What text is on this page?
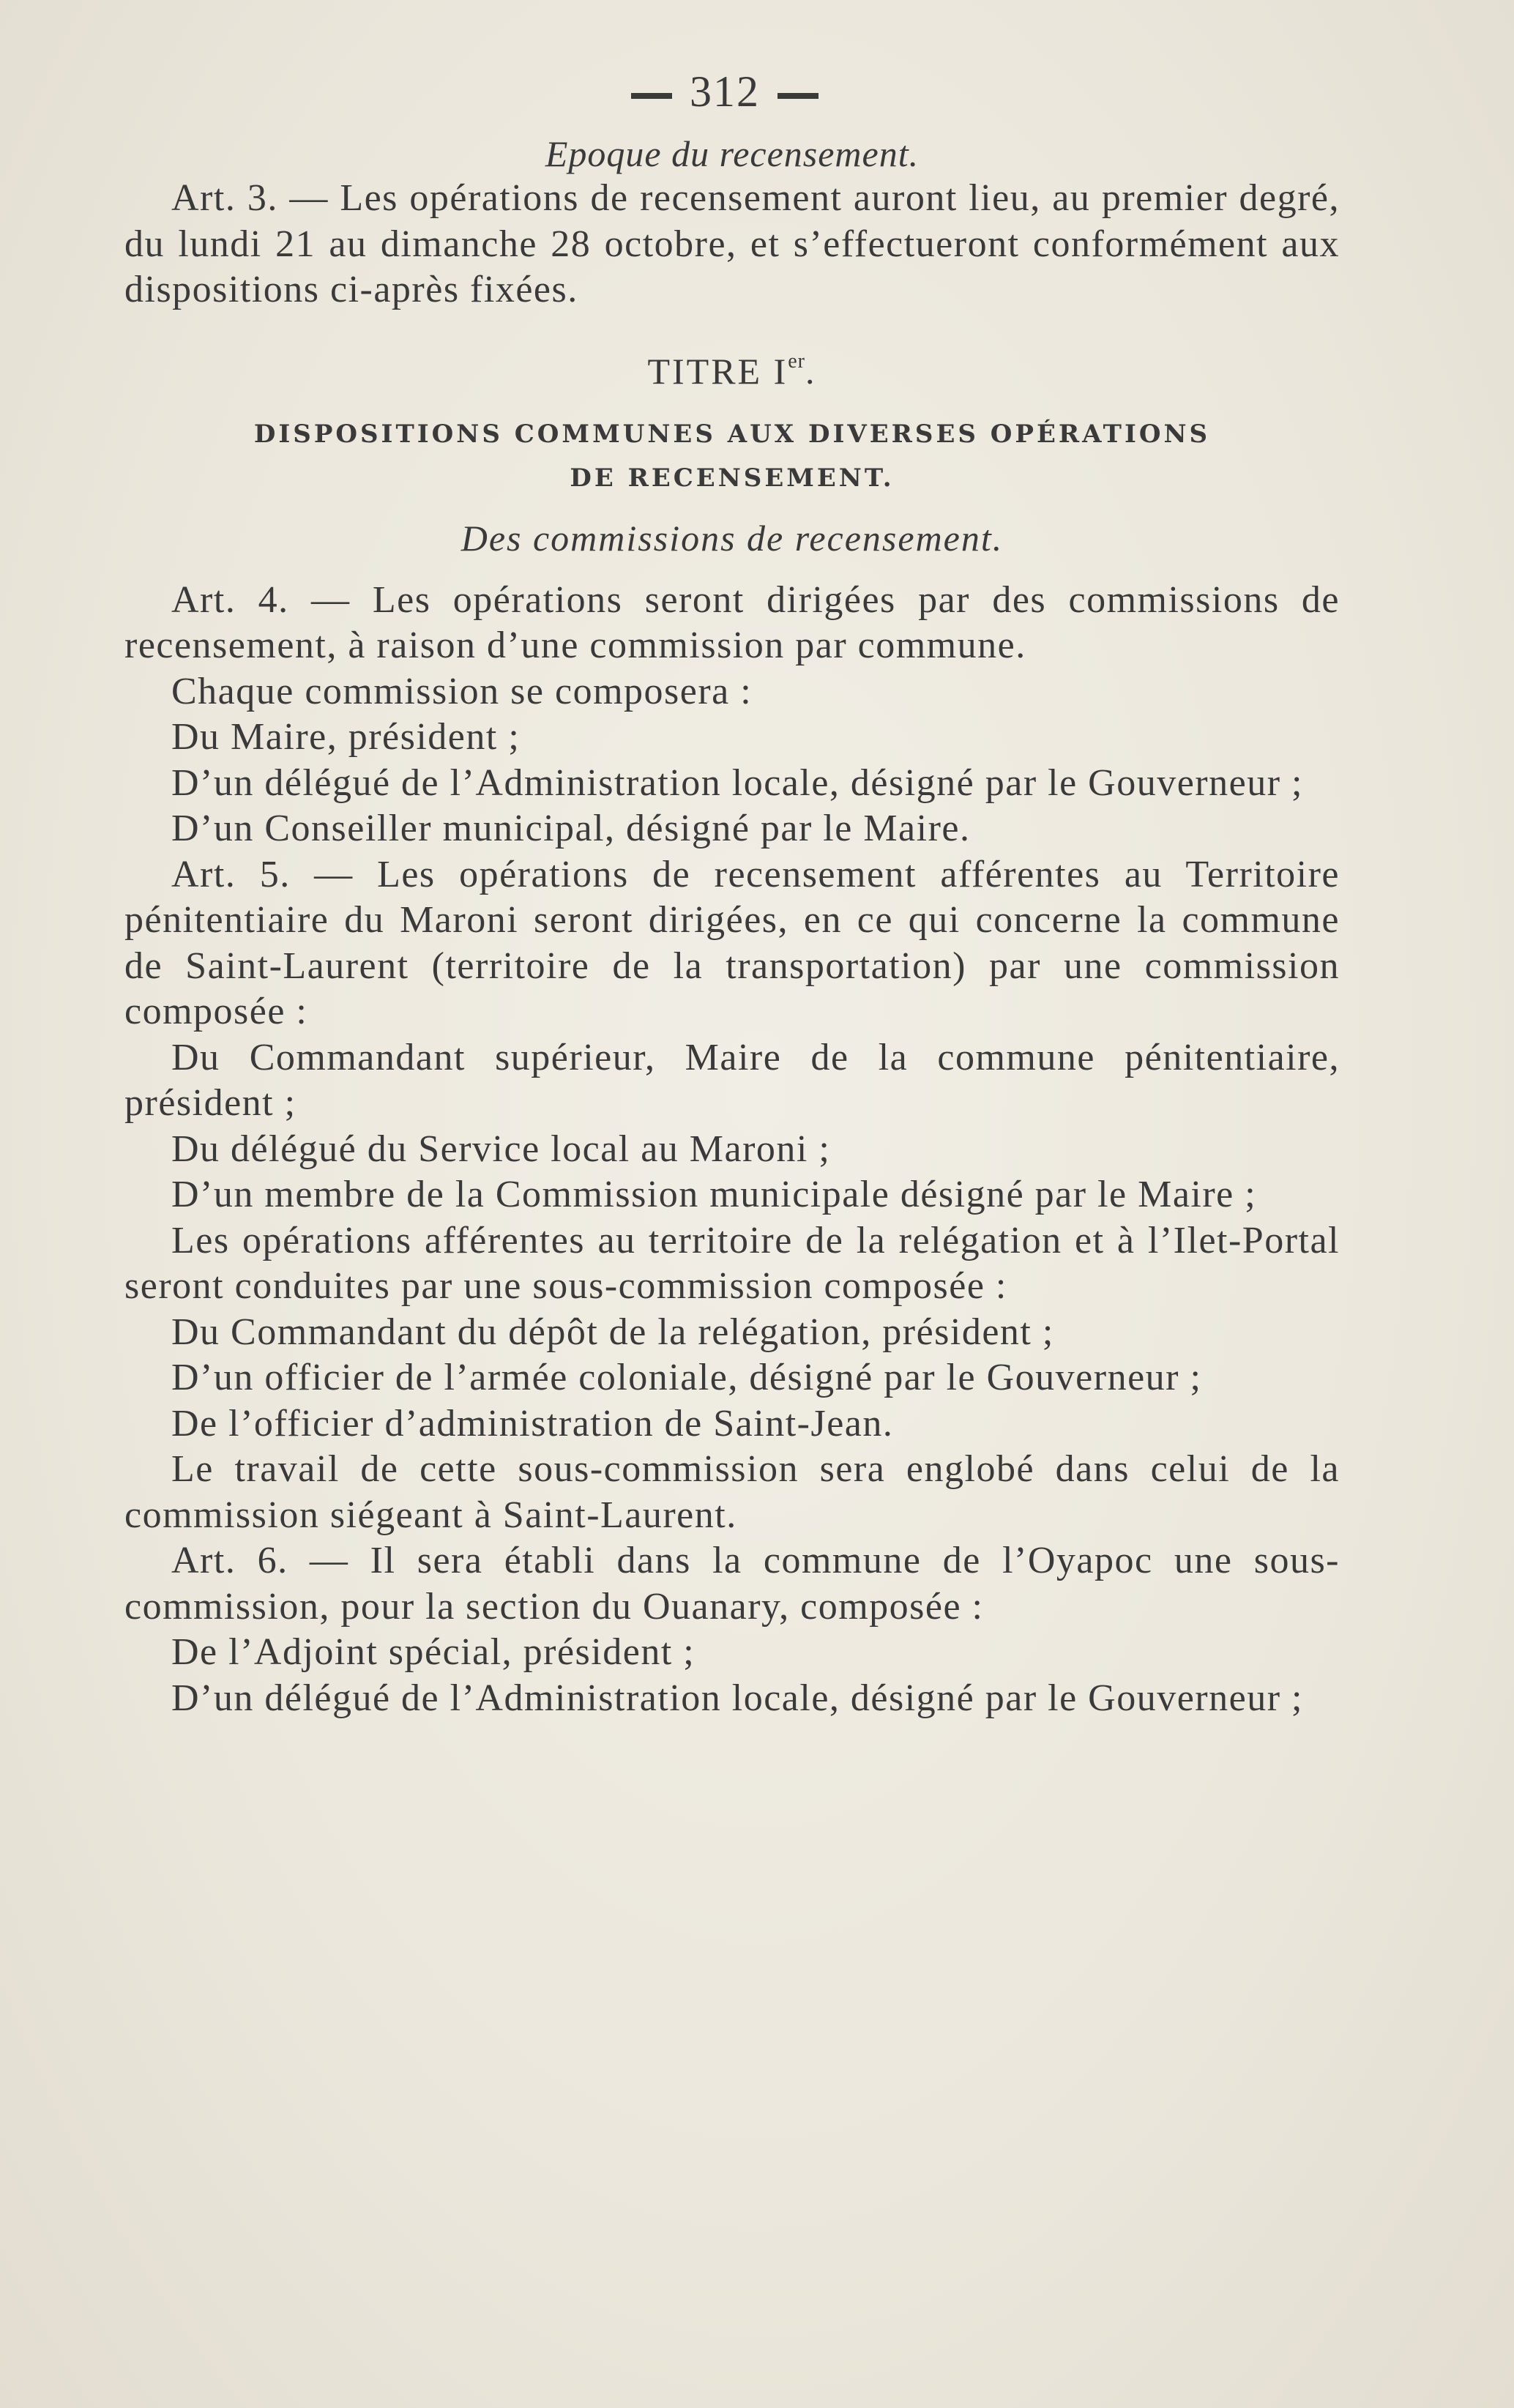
312
Epoque du recensement.

Art. 3. — Les opérations de recensement auront lieu, au premier degré, du lundi 21 au dimanche 28 octobre, et s’effectueront conformément aux dispositions ci-après fixées.

TITRE Ier.
DISPOSITIONS COMMUNES AUX DIVERSES OPÉRATIONS
DE RECENSEMENT.
Des commissions de recensement.

Art. 4. — Les opérations seront dirigées par des commissions de recensement, à raison d’une commission par commune.

Chaque commission se composera :

Du Maire, président ;

D’un délégué de l’Administration locale, désigné par le Gouverneur ;

D’un Conseiller municipal, désigné par le Maire.

Art. 5. — Les opérations de recensement afférentes au Territoire pénitentiaire du Maroni seront dirigées, en ce qui concerne la commune de Saint-Laurent (territoire de la transportation) par une commission composée :

Du Commandant supérieur, Maire de la commune pénitentiaire, président ;

Du délégué du Service local au Maroni ;

D’un membre de la Commission municipale désigné par le Maire ;

Les opérations afférentes au territoire de la relégation et à l’Ilet-Portal seront conduites par une sous-commission composée :

Du Commandant du dépôt de la relégation, président ;

D’un officier de l’armée coloniale, désigné par le Gouverneur ;

De l’officier d’administration de Saint-Jean.

Le travail de cette sous-commission sera englobé dans celui de la commission siégeant à Saint-Laurent.

Art. 6. — Il sera établi dans la commune de l’Oyapoc une sous-commission, pour la section du Ouanary, composée :

De l’Adjoint spécial, président ;

D’un délégué de l’Administration locale, désigné par le Gouverneur ;
